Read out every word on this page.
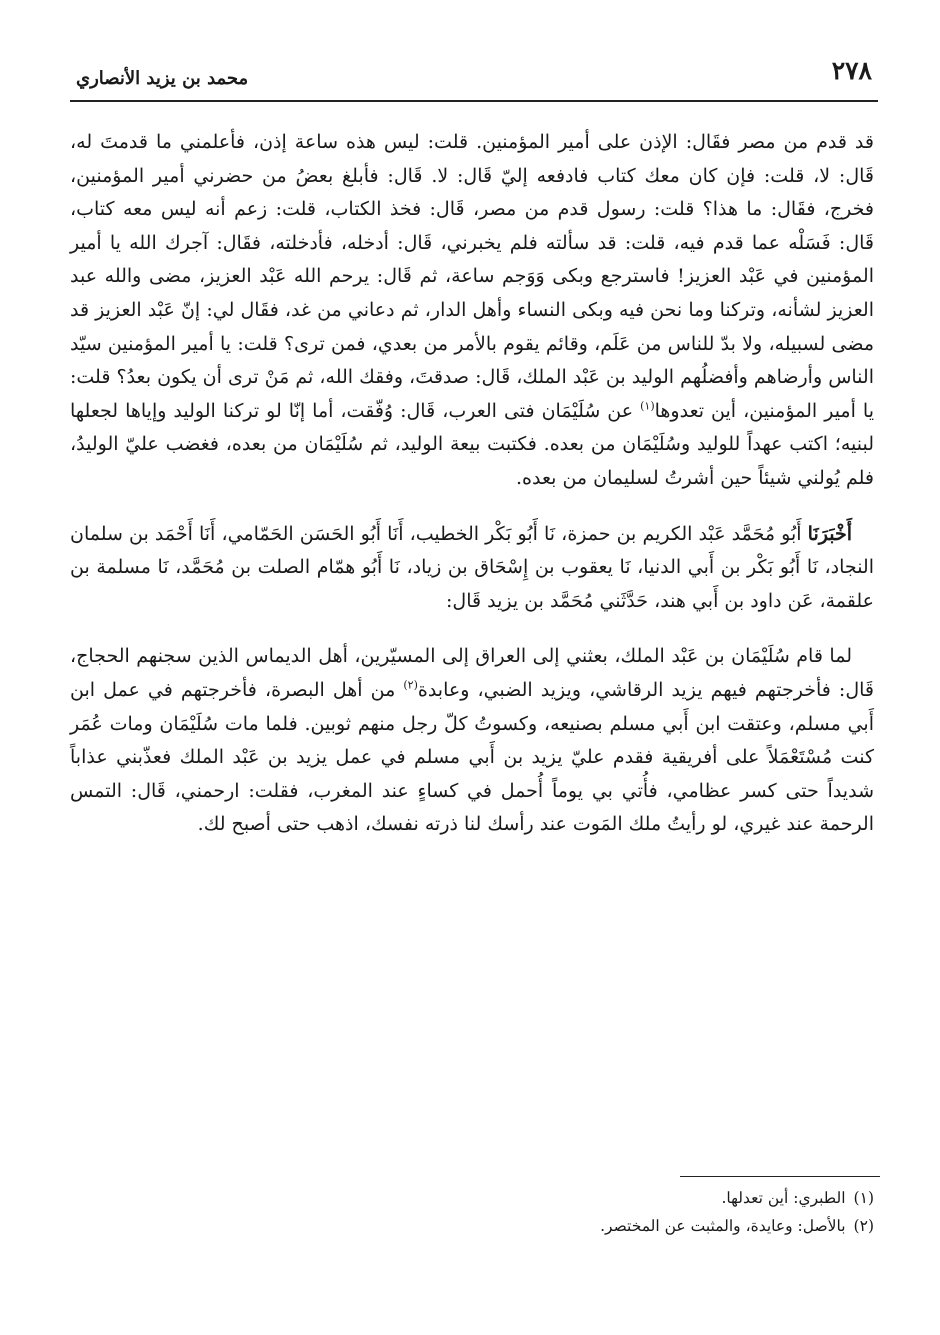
٢٧٨
محمد بن يزيد الأنصاري

قد قدم من مصر فقَال: الإذن على أمير المؤمنين. قلت: ليس هذه ساعة إذن، فأعلمني ما قدمتَ له، قَال: لا، قلت: فإن كان معك كتاب فادفعه إليّ قَال: لا. قَال: فأبلغ بعضُ من حضرني أمير المؤمنين، فخرج، فقَال: ما هذا؟ قلت: رسول قدم من مصر، قَال: فخذ الكتاب، قلت: زعم أنه ليس معه كتاب، قَال: فَسَلْه عما قدم فيه، قلت: قد سألته فلم يخبرني، قَال: أدخله، فأدخلته، فقَال: آجرك الله يا أمير المؤمنين في عَبْد العزيز! فاسترجع وبكى وَوَجم ساعة، ثم قَال: يرحم الله عَبْد العزيز، مضى والله عبد العزيز لشأنه، وتركنا وما نحن فيه وبكى النساء وأهل الدار، ثم دعاني من غد، فقَال لي: إنّ عَبْد العزيز قد مضى لسبيله، ولا بدّ للناس من عَلَم، وقائم يقوم بالأمر من بعدي، فمن ترى؟ قلت: يا أمير المؤمنين سيّد الناس وأرضاهم وأفضلُهم الوليد بن عَبْد الملك، قَال: صدقتَ، وفقك الله، ثم مَنْ ترى أن يكون بعدُ؟ قلت: يا أمير المؤمنين، أين تعدوها$^{(١)}$ عن سُلَيْمَان فتى العرب، قَال: وُفّقت، أما إنّا لو تركنا الوليد وإياها لجعلها لبنيه؛ اكتب عهداً للوليد وسُلَيْمَان من بعده. فكتبت بيعة الوليد، ثم سُلَيْمَان من بعده، فغضب عليّ الوليدُ، فلم يُولني شيئاً حين أشرتُ لسليمان من بعده.

أَخْبَرَنَا أَبُو مُحَمَّد عَبْد الكريم بن حمزة، نَا أَبُو بَكْر الخطيب، أَنَا أَبُو الحَسَن الحَمّامي، أَنَا أَحْمَد بن سلمان النجاد، نَا أَبُو بَكْر بن أَبي الدنيا، نَا يعقوب بن إِسْحَاق بن زياد، نَا أَبُو همّام الصلت بن مُحَمَّد، نَا مسلمة بن علقمة، عَن داود بن أَبي هند، حَدَّثَني مُحَمَّد بن يزيد قَال:

لما قام سُلَيْمَان بن عَبْد الملك، بعثني إلى العراق إلى المسيّرين، أهل الديماس الذين سجنهم الحجاج، قَال: فأخرجتهم فيهم يزيد الرقاشي، ويزيد الضبي، وعابدة$^{(٢)}$ من أهل البصرة، فأخرجتهم في عمل ابن أَبي مسلم، وعتقت ابن أَبي مسلم بصنيعه، وكسوتُ كلّ رجل منهم ثوبين. فلما مات سُلَيْمَان ومات عُمَر كنت مُسْتَعْمَلاً على أفريقية فقدم عليّ يزيد بن أَبي مسلم في عمل يزيد بن عَبْد الملك فعذّبني عذاباً شديداً حتى كسر عظامي، فأُتي بي يوماً أُحمل في كساءٍ عند المغرب، فقلت: ارحمني، قَال: التمس الرحمة عند غيري، لو رأيتُ ملك المَوت عند رأسك لنا ذرته نفسك، اذهب حتى أصبح لك.

(١)الطبري: أين تعدلها.

(٢)بالأصل: وعايدة، والمثبت عن المختصر.
